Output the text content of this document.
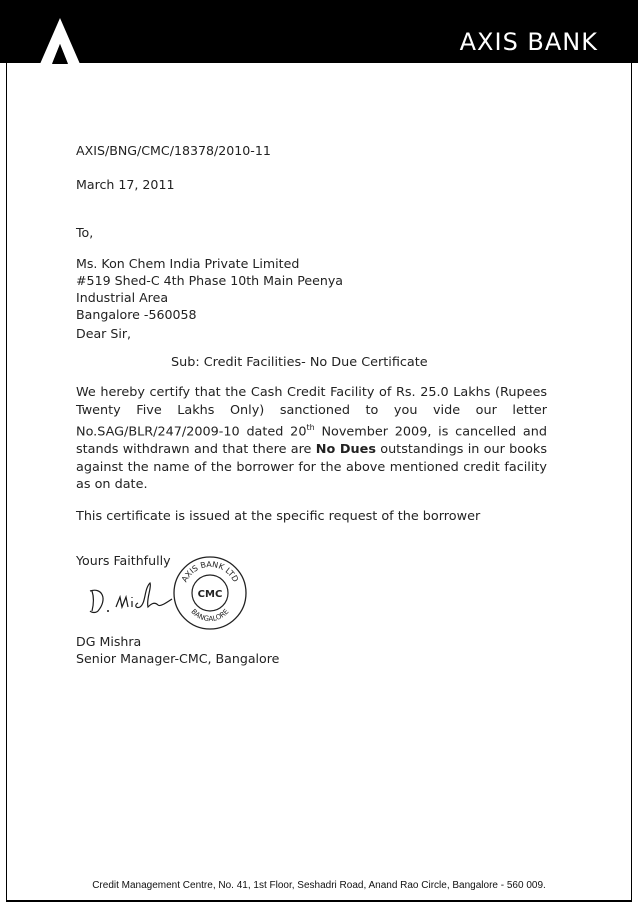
AXIS BANK
AXIS/BNG/CMC/18378/2010-11
March 17, 2011
To,
Ms. Kon Chem India Private Limited
#519 Shed-C 4th Phase 10th Main Peenya
Industrial Area
Bangalore -560058
Dear Sir,
Sub: Credit Facilities- No Due Certificate
We hereby certify that the Cash Credit Facility of Rs. 25.0 Lakhs (Rupees
Twenty Five Lakhs Only) sanctioned to you vide our letter
No.SAG/BLR/247/2009-10 dated 20th November 2009, is cancelled and
stands withdrawn and that there are No Dues outstandings in our books
against the name of the borrower for the above mentioned credit facility
as on date.
This certificate is issued at the specific request of the borrower
Yours Faithfully
AXIS BANK LTD
CMC
BANGALORE
DG Mishra
Senior Manager-CMC, Bangalore
Credit Management Centre, No. 41, 1st Floor, Seshadri Road, Anand Rao Circle, Bangalore - 560 009.
